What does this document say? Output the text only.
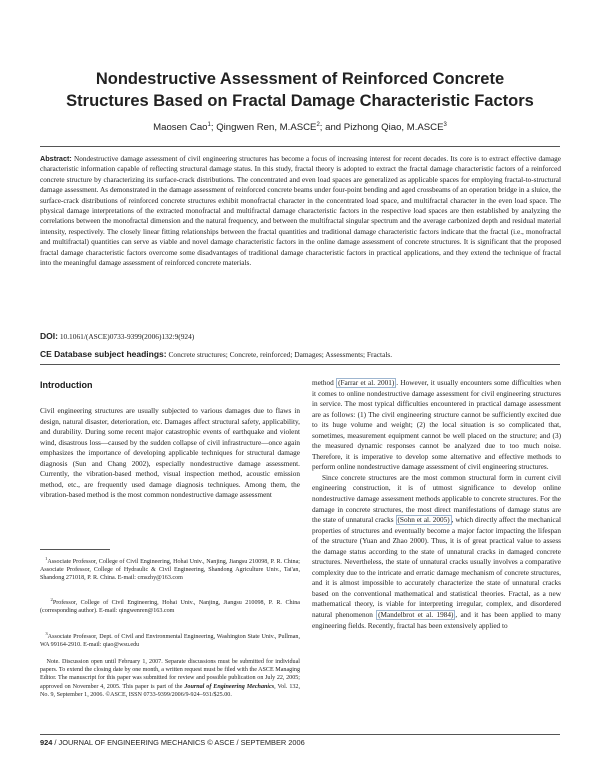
Nondestructive Assessment of Reinforced Concrete
Structures Based on Fractal Damage Characteristic Factors
Maosen Cao$^1$; Qingwen Ren, M.ASCE$^2$; and Pizhong Qiao, M.ASCE$^3$
Abstract: Nondestructive damage assessment of civil engineering structures has become a focus of increasing interest for recent decades. Its core is to extract effective damage characteristic information capable of reflecting structural damage status. In this study, fractal theory is adopted to extract the fractal damage characteristic factors of a reinforced concrete structure by characterizing its surface-crack distributions. The concentrated and even load spaces are generalized as applicable spaces for employing fractal-to-structural damage assessment. As demonstrated in the damage assessment of reinforced concrete beams under four-point bending and aged crossbeams of an operation bridge in a sluice, the surface-crack distributions of reinforced concrete structures exhibit monofractal character in the concentrated load space, and multifractal character in the even load space. The physical damage interpretations of the extracted monofractal and multifractal damage characteristic factors in the respective load spaces are then established by analyzing the correlations between the monofractal dimension and the natural frequency, and between the multifractal singular spectrum and the average carbonized depth and residual material intensity, respectively. The closely linear fitting relationships between the fractal quantities and traditional damage characteristic factors indicate that the fractal (i.e., monofractal and multifractal) quantities can serve as viable and novel damage characteristic factors in the online damage assessment of concrete structures. It is significant that the proposed fractal damage characteristic factors overcome some disadvantages of traditional damage characteristic factors in practical applications, and they extend the technique of fractal into the meaningful damage assessment of reinforced concrete materials.
DOI: 10.1061/(ASCE)0733-9399(2006)132:9(924)
CE Database subject headings: Concrete structures; Concrete, reinforced; Damages; Assessments; Fractals.
Introduction

Civil engineering structures are usually subjected to various damages due to flaws in design, natural disaster, deterioration, etc. Damages affect structural safety, applicability, and durability. During some recent major catastrophic events of earthquake and violent wind, disastrous loss—caused by the sudden collapse of civil infrastructure—once again emphasizes the importance of developing applicable techniques for structural damage diagnosis (Sun and Chang 2002), especially nondestructive damage assessment. Currently, the vibration-based method, visual inspection method, acoustic emission method, etc., are frequently used damage diagnosis techniques. Among them, the vibration-based method is the most common nondestructive damage assessment

$^1$Associate Professor, College of Civil Engineering, Hohai Univ., Nanjing, Jiangsu 210098, P. R. China; Associate Professor, College of Hydraulic & Civil Engineering, Shandong Agriculture Univ., Tai'an, Shandong 271018, P. R. China. E-mail: cmszhy@163.com
$^2$Professor, College of Civil Engineering, Hohai Univ., Nanjing, Jiangsu 210098, P. R. China (corresponding author). E-mail: qingwenren@163.com
$^3$Associate Professor, Dept. of Civil and Environmental Engineering, Washington State Univ., Pullman, WA 99164-2910. E-mail: qiao@wsu.edu
Note. Discussion open until February 1, 2007. Separate discussions must be submitted for individual papers. To extend the closing date by one month, a written request must be filed with the ASCE Managing Editor. The manuscript for this paper was submitted for review and possible publication on July 22, 2005; approved on November 4, 2005. This paper is part of the Journal of Engineering Mechanics, Vol. 132, No. 9, September 1, 2006. ©ASCE, ISSN 0733-9399/2006/9-924–931/$25.00.

method (Farrar et al. 2001) . However, it usually encounters some difficulties when it comes to online nondestructive damage assessment for civil engineering structures in service. The most typical difficulties encountered in practical damage assessment are as follows: (1) The civil engineering structure cannot be sufficiently excited due to its huge volume and weight; (2) the local situation is so complicated that, sometimes, measurement equipment cannot be well placed on the structure; and (3) the measured dynamic responses cannot be analyzed due to too much noise. Therefore, it is imperative to develop some alternative and effective methods to perform online nondestructive damage assessment of civil engineering structures.

Since concrete structures are the most common structural form in current civil engineering construction, it is of utmost significance to develop online nondestructive damage assessment methods applicable to concrete structures. For the damage in concrete structures, the most direct manifestations of damage status are the state of unnatural cracks (Sohn et al. 2005) , which directly affect the mechanical properties of structures and eventually become a major factor impacting the lifespan of the structure (Yuan and Zhao 2000). Thus, it is of great practical value to assess the damage status according to the state of unnatural cracks in damaged concrete structures. Nevertheless, the state of unnatural cracks usually involves a comparative complexity due to the intricate and erratic damage mechanism of concrete structures, and it is almost impossible to accurately characterize the state of unnatural cracks based on the conventional mathematical and statistical theories. Fractal, as a new mathematical theory, is viable for interpreting irregular, complex, and disordered natural phenomenon (Mandelbrot et al. 1984) , and it has been applied to many engineering fields. Recently, fractal has been extensively applied to

924 / JOURNAL OF ENGINEERING MECHANICS © ASCE / SEPTEMBER 2006
